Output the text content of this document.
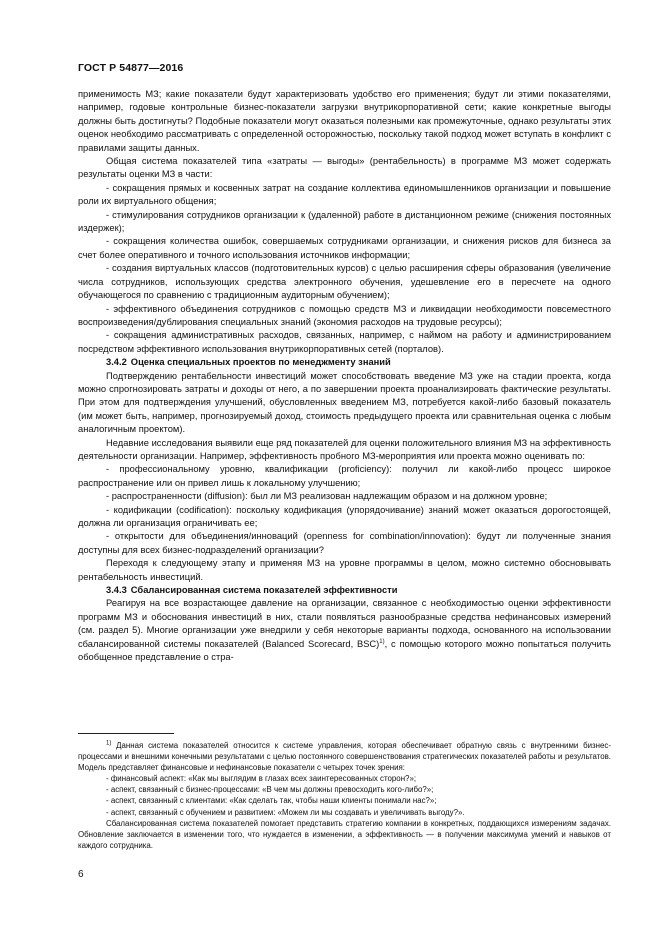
ГОСТ Р 54877—2016

применимость МЗ; какие показатели будут характеризовать удобство его применения; будут ли этими показателями, например, годовые контрольные бизнес-показатели загрузки внутрикорпоративной сети; какие конкретные выгоды должны быть достигнуты? Подобные показатели могут оказаться полезными как промежуточные, однако результаты этих оценок необходимо рассматривать с определенной осторожностью, поскольку такой подход может вступать в конфликт с правилами защиты данных.

Общая система показателей типа «затраты — выгоды» (рентабельность) в программе МЗ может содержать результаты оценки МЗ в части:

- сокращения прямых и косвенных затрат на создание коллектива единомышленников организации и повышение роли их виртуального общения;

- стимулирования сотрудников организации к (удаленной) работе в дистанционном режиме (снижения постоянных издержек);

- сокращения количества ошибок, совершаемых сотрудниками организации, и снижения рисков для бизнеса за счет более оперативного и точного использования источников информации;

- создания виртуальных классов (подготовительных курсов) с целью расширения сферы образования (увеличение числа сотрудников, использующих средства электронного обучения, удешевление его в пересчете на одного обучающегося по сравнению с традиционным аудиторным обучением);

- эффективного объединения сотрудников с помощью средств МЗ и ликвидации необходимости повсеместного воспроизведения/дублирования специальных знаний (экономия расходов на трудовые ресурсы);

- сокращения административных расходов, связанных, например, с наймом на работу и администрированием посредством эффективного использования внутрикорпоративных сетей (порталов).

3.4.2 Оценка специальных проектов по менеджменту знаний

Подтверждению рентабельности инвестиций может способствовать введение МЗ уже на стадии проекта, когда можно спрогнозировать затраты и доходы от него, а по завершении проекта проанализировать фактические результаты. При этом для подтверждения улучшений, обусловленных введением МЗ, потребуется какой-либо базовый показатель (им может быть, например, прогнозируемый доход, стоимость предыдущего проекта или сравнительная оценка с любым аналогичным проектом).

Недавние исследования выявили еще ряд показателей для оценки положительного влияния МЗ на эффективность деятельности организации. Например, эффективность пробного МЗ-мероприятия или проекта можно оценивать по:

- профессиональному уровню, квалификации (proficiency): получил ли какой-либо процесс широкое распространение или он привел лишь к локальному улучшению;

- распространенности (diffusion): был ли МЗ реализован надлежащим образом и на должном уровне;

- кодификации (codification): поскольку кодификация (упорядочивание) знаний может оказаться дорогостоящей, должна ли организация ограничивать ее;

- открытости для объединения/инноваций (openness for combination/innovation): будут ли полученные знания доступны для всех бизнес-подразделений организации?

Переходя к следующему этапу и применяя МЗ на уровне программы в целом, можно системно обосновывать рентабельность инвестиций.

3.4.3 Сбалансированная система показателей эффективности

Реагируя на все возрастающее давление на организации, связанное с необходимостью оценки эффективности программ МЗ и обоснования инвестиций в них, стали появляться разнообразные средства нефинансовых измерений (см. раздел 5). Многие организации уже внедрили у себя некоторые варианты подхода, основанного на использовании сбалансированной системы показателей (Balanced Scorecard, BSC)$^{1)}$, с помощью которого можно попытаться получить обобщенное представление о стра-

$^{1)}$ Данная система показателей относится к системе управления, которая обеспечивает обратную связь с внутренними бизнес-процессами и внешними конечными результатами с целью постоянного совершенствования стратегических показателей работы и результатов. Модель представляет финансовые и нефинансовые показатели с четырех точек зрения:

- финансовый аспект: «Как мы выглядим в глазах всех заинтересованных сторон?»;

- аспект, связанный с бизнес-процессами: «В чем мы должны превосходить кого-либо?»;

- аспект, связанный с клиентами: «Как сделать так, чтобы наши клиенты понимали нас?»;

- аспект, связанный с обучением и развитием: «Можем ли мы создавать и увеличивать выгоду?».

Сбалансированная система показателей помогает представить стратегию компании в конкретных, поддающихся измерениям задачах. Обновление заключается в изменении того, что нуждается в изменении, а эффективность — в получении максимума умений и навыков от каждого сотрудника.

6
